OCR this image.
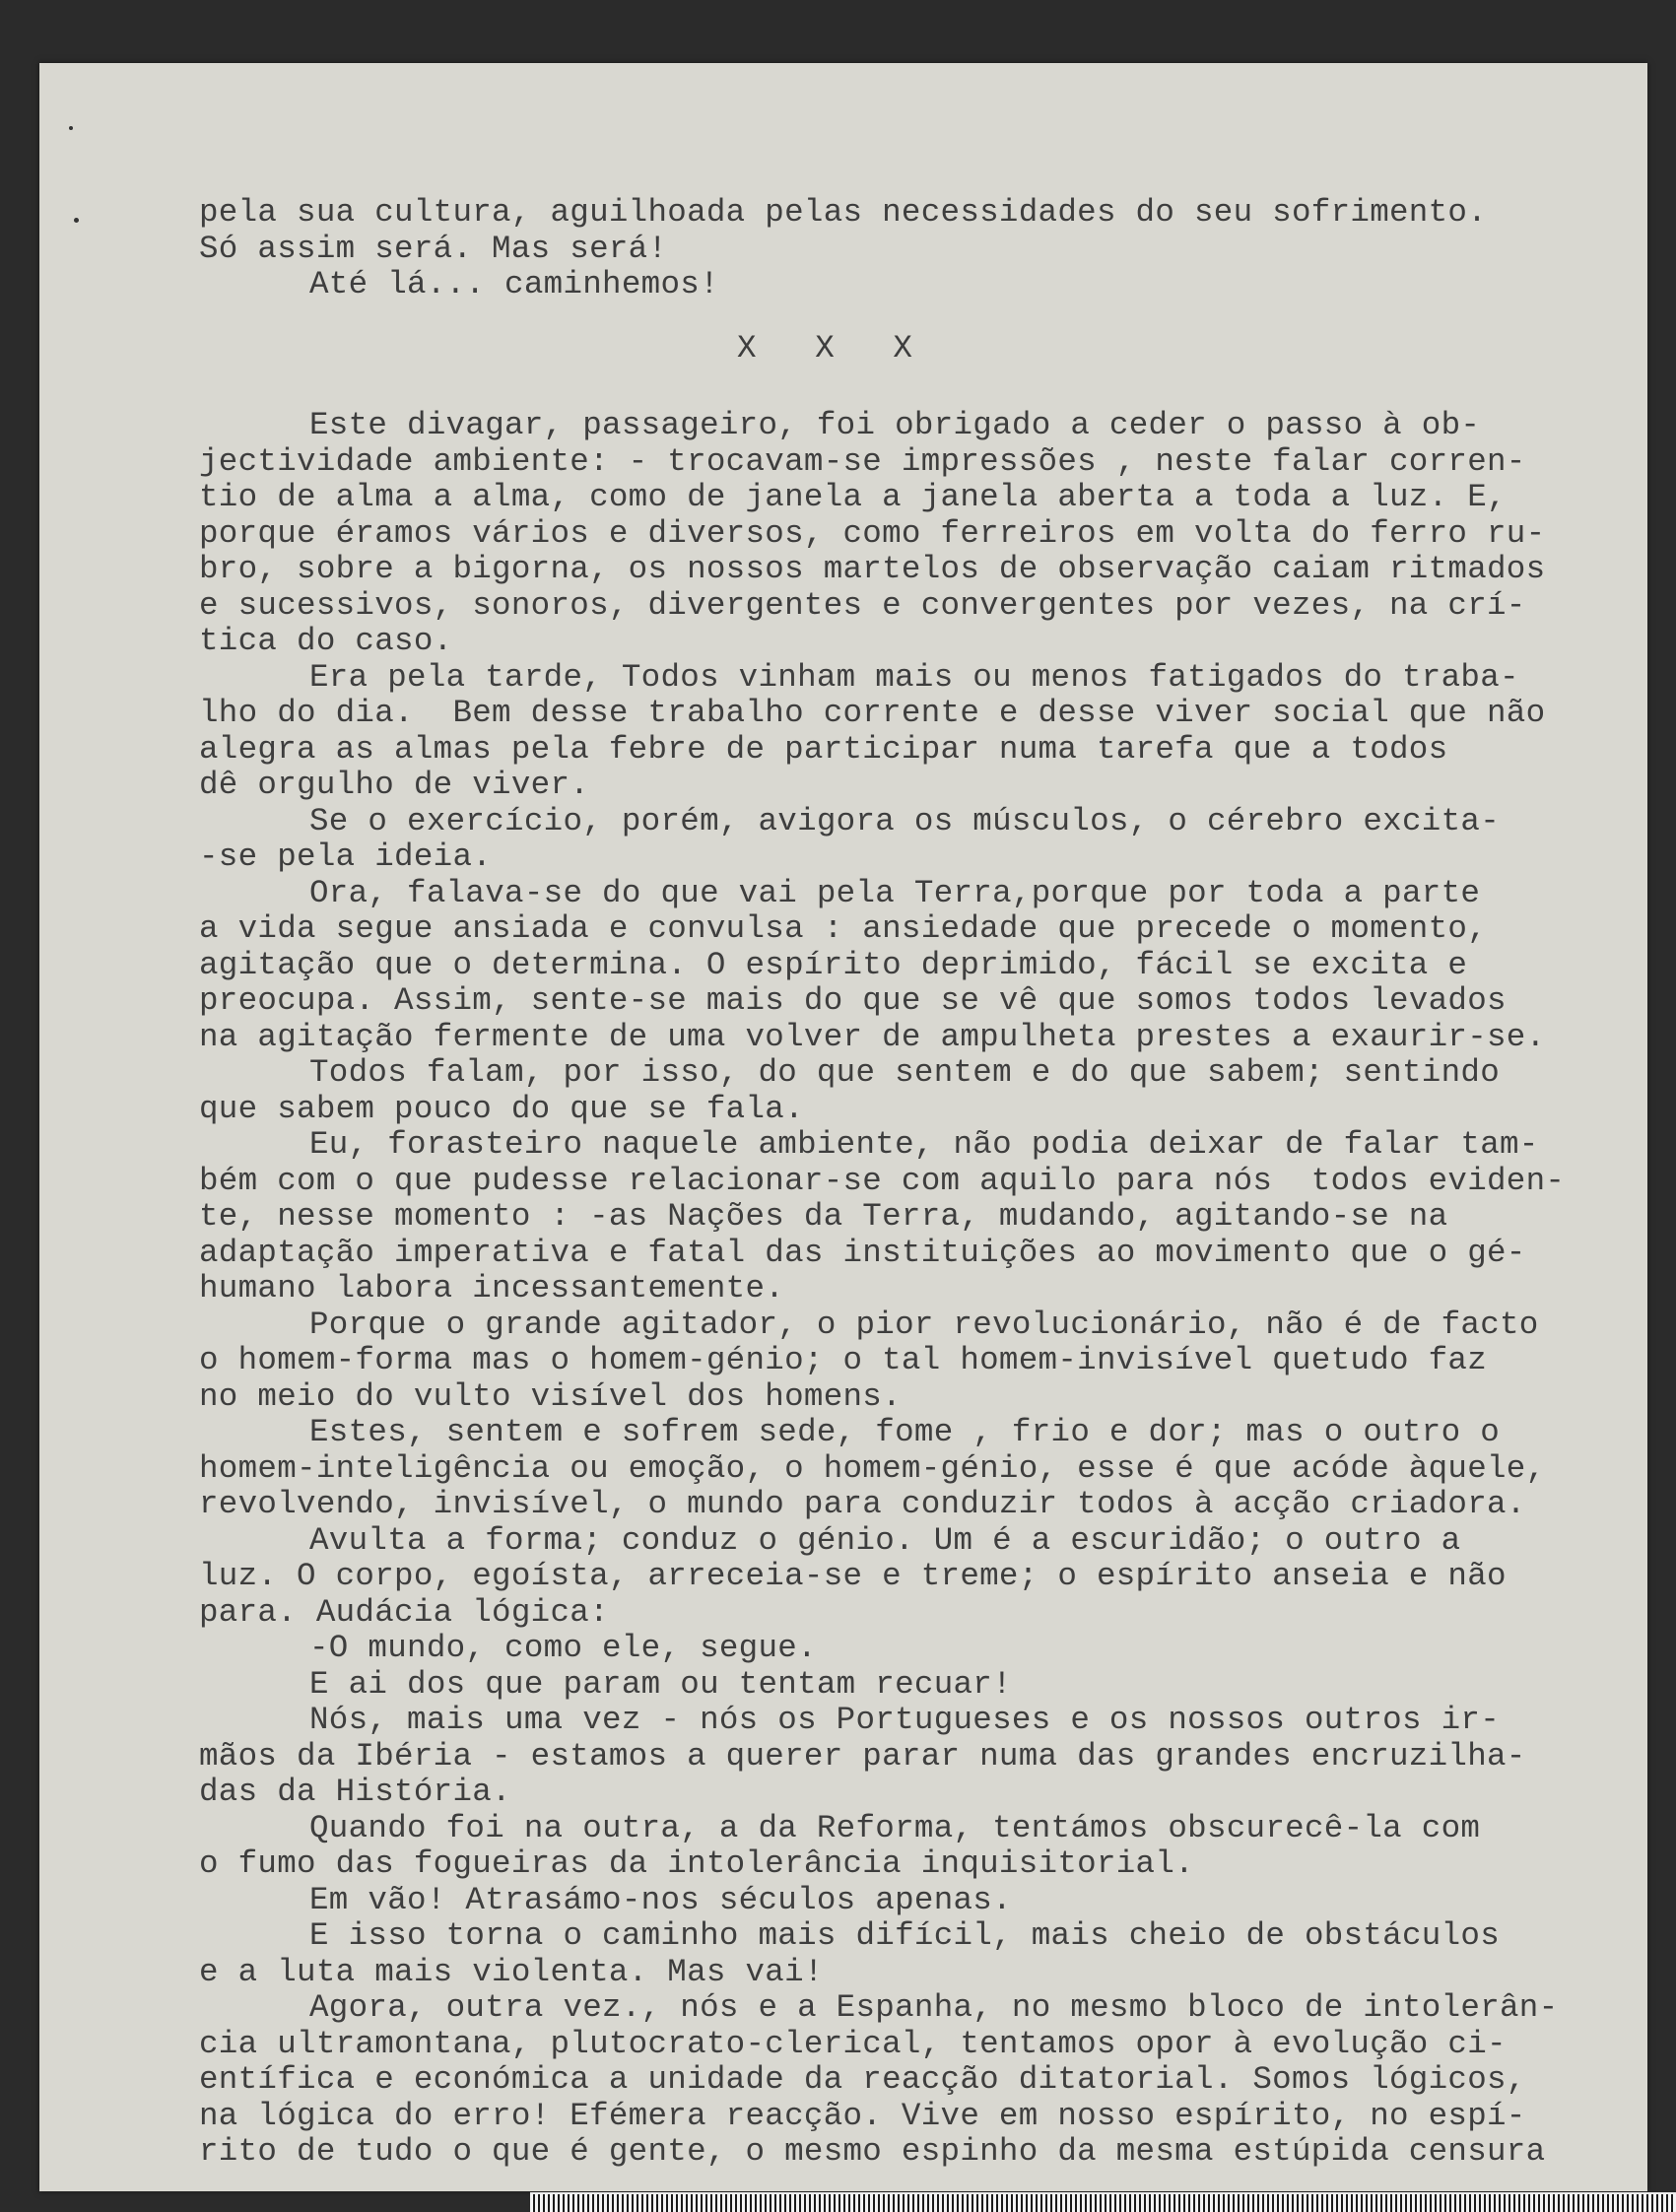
pela sua cultura, aguilhoada pelas necessidades do seu sofrimento.
Só assim será. Mas será!
Até lá... caminhemos!
X   X   X
Este divagar, passageiro, foi obrigado a ceder o passo à ob-
jectividade ambiente: - trocavam-se impressões , neste falar corren-
tio de alma a alma, como de janela a janela aberta a toda a luz. E,
porque éramos vários e diversos, como ferreiros em volta do ferro ru-
bro, sobre a bigorna, os nossos martelos de observação caiam ritmados
e sucessivos, sonoros, divergentes e convergentes por vezes, na crí-
tica do caso.
Era pela tarde, Todos vinham mais ou menos fatigados do traba-
lho do dia.  Bem desse trabalho corrente e desse viver social que não
alegra as almas pela febre de participar numa tarefa que a todos
dê orgulho de viver.
Se o exercício, porém, avigora os músculos, o cérebro excita-
-se pela ideia.
Ora, falava-se do que vai pela Terra,porque por toda a parte
a vida segue ansiada e convulsa : ansiedade que precede o momento,
agitação que o determina. O espírito deprimido, fácil se excita e
preocupa. Assim, sente-se mais do que se vê que somos todos levados
na agitação fermente de uma volver de ampulheta prestes a exaurir-se.
Todos falam, por isso, do que sentem e do que sabem; sentindo
que sabem pouco do que se fala.
Eu, forasteiro naquele ambiente, não podia deixar de falar tam-
bém com o que pudesse relacionar-se com aquilo para nós  todos eviden-
te, nesse momento : -as Nações da Terra, mudando, agitando-se na
adaptação imperativa e fatal das instituições ao movimento que o gé-
humano labora incessantemente.
Porque o grande agitador, o pior revolucionário, não é de facto
o homem-forma mas o homem-génio; o tal homem-invisível quetudo faz
no meio do vulto visível dos homens.
Estes, sentem e sofrem sede, fome , frio e dor; mas o outro o
homem-inteligência ou emoção, o homem-génio, esse é que acóde àquele,
revolvendo, invisível, o mundo para conduzir todos à acção criadora.
Avulta a forma; conduz o génio. Um é a escuridão; o outro a
luz. O corpo, egoísta, arreceia-se e treme; o espírito anseia e não
para. Audácia lógica:
-O mundo, como ele, segue.
E ai dos que param ou tentam recuar!
Nós, mais uma vez - nós os Portugueses e os nossos outros ir-
mãos da Ibéria - estamos a querer parar numa das grandes encruzilha-
das da História.
Quando foi na outra, a da Reforma, tentámos obscurecê-la com
o fumo das fogueiras da intolerância inquisitorial.
Em vão! Atrasámo-nos séculos apenas.
E isso torna o caminho mais difícil, mais cheio de obstáculos
e a luta mais violenta. Mas vai!
Agora, outra vez., nós e a Espanha, no mesmo bloco de intolerân-
cia ultramontana, plutocrato-clerical, tentamos opor à evolução ci-
entífica e económica a unidade da reacção ditatorial. Somos lógicos,
na lógica do erro! Efémera reacção. Vive em nosso espírito, no espí-
rito de tudo o que é gente, o mesmo espinho da mesma estúpida censura
